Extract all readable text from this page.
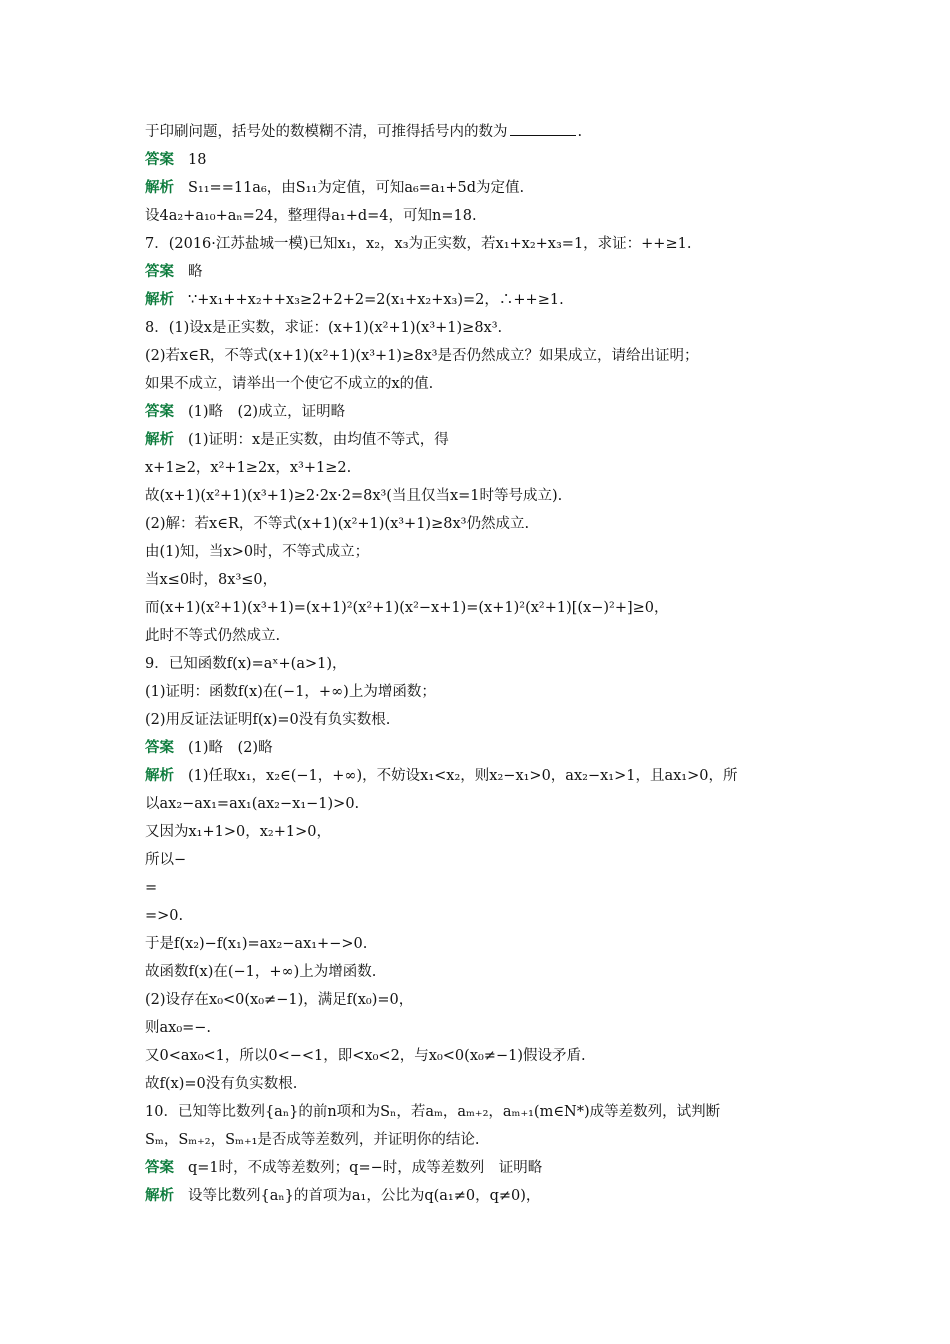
于印刷问题，括号处的数模糊不清，可推得括号内的数为	.
答案 18
解析 S₁₁==11a₆，由S₁₁为定值，可知a₆=a₁+5d为定值.
设4a₂+a₁₀+aₙ=24，整理得a₁+d=4，可知n=18.
7．(2016·江苏盐城一模)已知x₁，x₂，x₃为正实数，若x₁+x₂+x₃=1，求证：++≥1.
答案 略
解析 ∵+x₁++x₂++x₃≥2+2+2=2(x₁+x₂+x₃)=2，∴++≥1.
8．(1)设x是正实数，求证：(x+1)(x²+1)(x³+1)≥8x³.
(2)若x∈R，不等式(x+1)(x²+1)(x³+1)≥8x³是否仍然成立？如果成立，请给出证明；
如果不成立，请举出一个使它不成立的x的值.
答案 (1)略　(2)成立，证明略
解析 (1)证明：x是正实数，由均值不等式，得
x+1≥2，x²+1≥2x，x³+1≥2.
故(x+1)(x²+1)(x³+1)≥2·2x·2=8x³(当且仅当x=1时等号成立).
(2)解：若x∈R，不等式(x+1)(x²+1)(x³+1)≥8x³仍然成立.
由(1)知，当x>0时，不等式成立；
当x≤0时，8x³≤0，
而(x+1)(x²+1)(x³+1)=(x+1)²(x²+1)(x²−x+1)=(x+1)²(x²+1)[(x−)²+]≥0，
此时不等式仍然成立.
9．已知函数f(x)=aˣ+(a>1)，
(1)证明：函数f(x)在(−1，+∞)上为增函数；
(2)用反证法证明f(x)=0没有负实数根.
答案 (1)略　(2)略
解析 (1)任取x₁，x₂∈(−1，+∞)，不妨设x₁<x₂，则x₂−x₁>0，ax₂−x₁>1，且ax₁>0，所
以ax₂−ax₁=ax₁(ax₂−x₁−1)>0.
又因为x₁+1>0，x₂+1>0，
所以−
=
=>0.
于是f(x₂)−f(x₁)=ax₂−ax₁+−>0.
故函数f(x)在(−1，+∞)上为增函数.
(2)设存在x₀<0(x₀≠−1)，满足f(x₀)=0，
则ax₀=−.
又0<ax₀<1，所以0<−<1，即<x₀<2，与x₀<0(x₀≠−1)假设矛盾.
故f(x)=0没有负实数根.
10．已知等比数列{aₙ}的前n项和为Sₙ，若aₘ，aₘ₊₂，aₘ₊₁(m∈N*)成等差数列，试判断
Sₘ，Sₘ₊₂，Sₘ₊₁是否成等差数列，并证明你的结论.
答案 q=1时，不成等差数列；q=−时，成等差数列　证明略
解析 设等比数列{aₙ}的首项为a₁，公比为q(a₁≠0，q≠0)，
